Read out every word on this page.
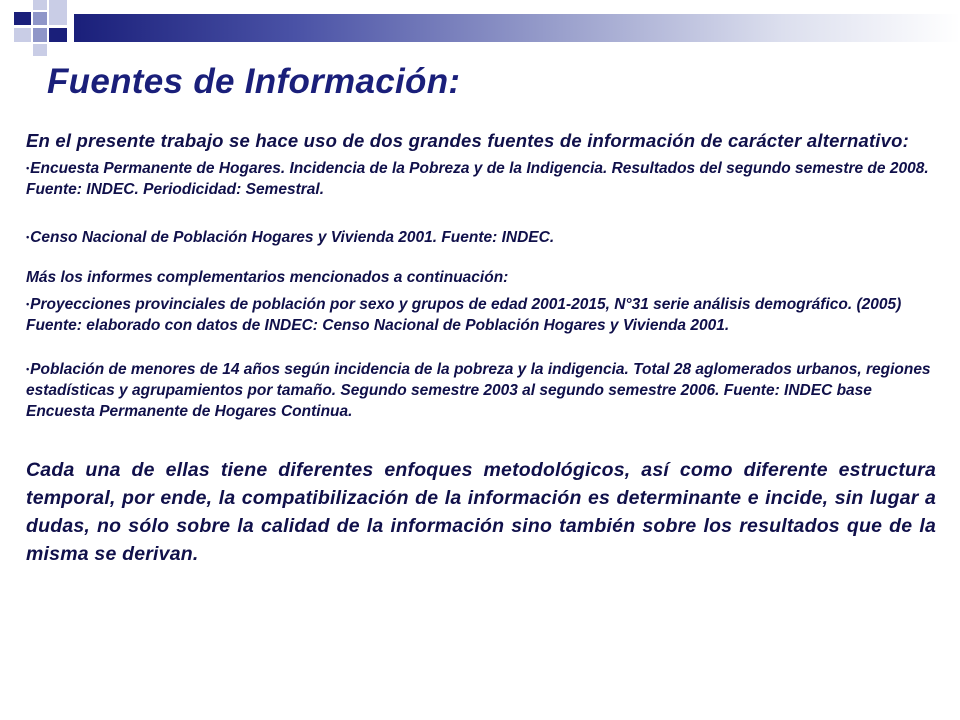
Fuentes de Información:

En el presente trabajo se hace uso de dos grandes fuentes de información de carácter alternativo:

•Encuesta Permanente de Hogares. Incidencia de la Pobreza y de la Indigencia. Resultados del segundo semestre de 2008. Fuente: INDEC. Periodicidad: Semestral.

•Censo Nacional de Población Hogares y Vivienda 2001. Fuente: INDEC.

Más los informes complementarios mencionados a continuación:

•Proyecciones provinciales de población por sexo y grupos de edad 2001-2015, N°31 serie análisis demográfico. (2005) Fuente: elaborado con datos de INDEC: Censo Nacional de Población Hogares y Vivienda 2001.

•Población de menores de 14 años según incidencia de la pobreza y la indigencia. Total 28 aglomerados urbanos, regiones estadísticas y agrupamientos por tamaño. Segundo semestre 2003 al segundo semestre 2006. Fuente: INDEC base Encuesta Permanente de Hogares Continua.

Cada una de ellas tiene diferentes enfoques metodológicos, así como diferente estructura temporal, por ende, la compatibilización de la información es determinante e incide, sin lugar a dudas, no sólo sobre la calidad de la información sino también sobre los resultados que de la misma se derivan.
